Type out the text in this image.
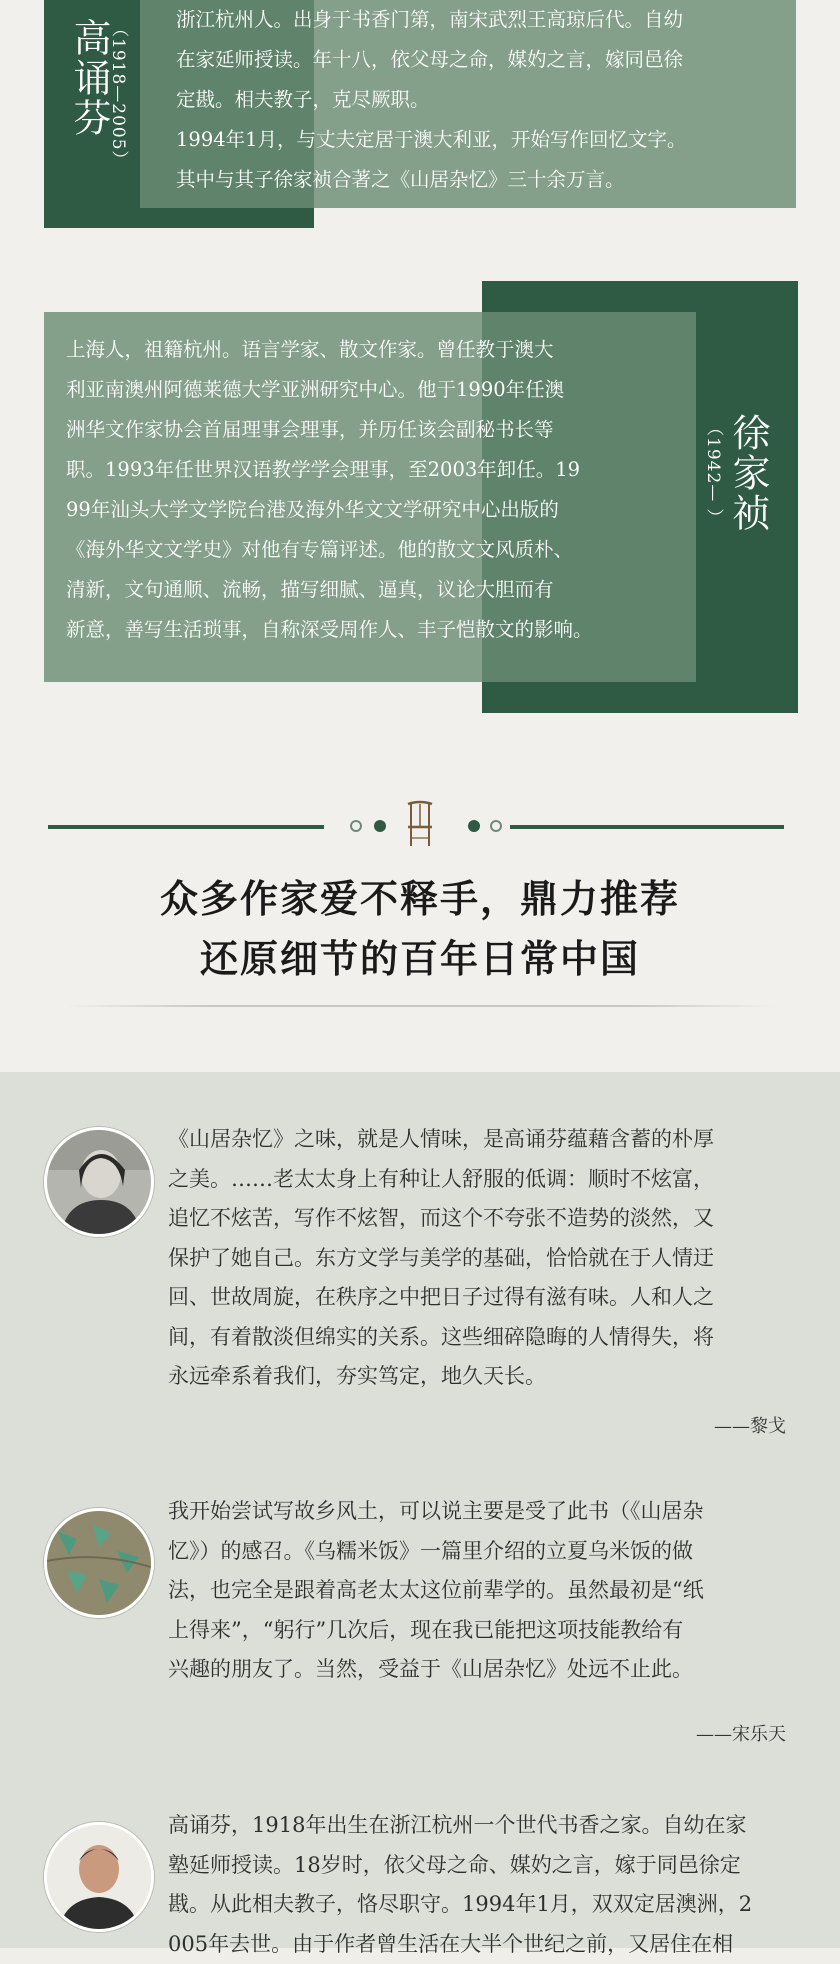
高诵芬
（1918—2005）

浙江杭州人。出身于书香门第，南宋武烈王高琼后代。自幼

在家延师授读。年十八，依父母之命，媒妁之言，嫁同邑徐

定戡。相夫教子，克尽厥职。

1994年1月，与丈夫定居于澳大利亚，开始写作回忆文字。

其中与其子徐家祯合著之《山居杂忆》三十余万言。

徐家祯
（1942— ）

上海人，祖籍杭州。语言学家、散文作家。曾任教于澳大

利亚南澳州阿德莱德大学亚洲研究中心。他于1990年任澳

洲华文作家协会首届理事会理事，并历任该会副秘书长等

职。1993年任世界汉语教学学会理事，至2003年卸任。19

99年汕头大学文学院台港及海外华文文学研究中心出版的

《海外华文文学史》对他有专篇评述。他的散文文风质朴、

清新，文句通顺、流畅，描写细腻、逼真，议论大胆而有

新意，善写生活琐事，自称深受周作人、丰子恺散文的影响。

众多作家爱不释手，鼎力推荐
还原细节的百年日常中国

《山居杂忆》之味，就是人情味，是高诵芬蕴藉含蓄的朴厚

之美。……老太太身上有种让人舒服的低调：顺时不炫富，

追忆不炫苦，写作不炫智，而这个不夸张不造势的淡然，又

保护了她自己。东方文学与美学的基础，恰恰就在于人情迂

回、世故周旋，在秩序之中把日子过得有滋有味。人和人之

间，有着散淡但绵实的关系。这些细碎隐晦的人情得失，将

永远牵系着我们，夯实笃定，地久天长。

——黎戈

我开始尝试写故乡风土，可以说主要是受了此书（《山居杂

忆》）的感召。《乌糯米饭》一篇里介绍的立夏乌米饭的做

法，也完全是跟着高老太太这位前辈学的。虽然最初是“纸

上得来”，“躬行”几次后，现在我已能把这项技能教给有

兴趣的朋友了。当然，受益于《山居杂忆》处远不止此。

——宋乐天

高诵芬，1918年出生在浙江杭州一个世代书香之家。自幼在家

塾延师授读。18岁时，依父母之命、媒妁之言，嫁于同邑徐定

戡。从此相夫教子，恪尽职守。1994年1月，双双定居澳洲，2

005年去世。由于作者曾生活在大半个世纪之前，又居住在相
